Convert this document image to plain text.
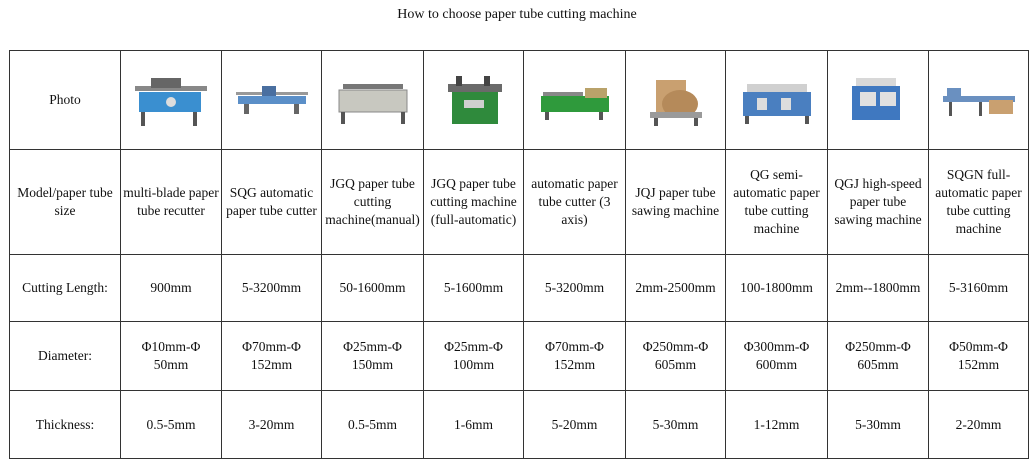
How to choose paper tube cutting machine
Photo	

Model/paper tube size	multi-blade paper tube recutter	SQG automatic paper tube cutter	JGQ paper tube cutting machine(manual)	JGQ paper tube cutting machine (full-automatic)	automatic paper tube cutter (3 axis)	JQJ paper tube sawing machine	QG semi-automatic paper tube cutting machine	QGJ high-speed paper tube sawing machine	SQGN full-automatic paper tube cutting machine
Cutting Length:	900mm	5-3200mm	50-1600mm	5-1600mm	5-3200mm	2mm-2500mm	100-1800mm	2mm--1800mm	5-3160mm
Diameter:	Φ10mm-Φ 50mm	Φ70mm-Φ 152mm	Φ25mm-Φ 150mm	Φ25mm-Φ 100mm	Φ70mm-Φ 152mm	Φ250mm-Φ 605mm	Φ300mm-Φ 600mm	Φ250mm-Φ 605mm	Φ50mm-Φ 152mm
Thickness:	0.5-5mm	3-20mm	0.5-5mm	1-6mm	5-20mm	5-30mm	1-12mm	5-30mm	2-20mm
